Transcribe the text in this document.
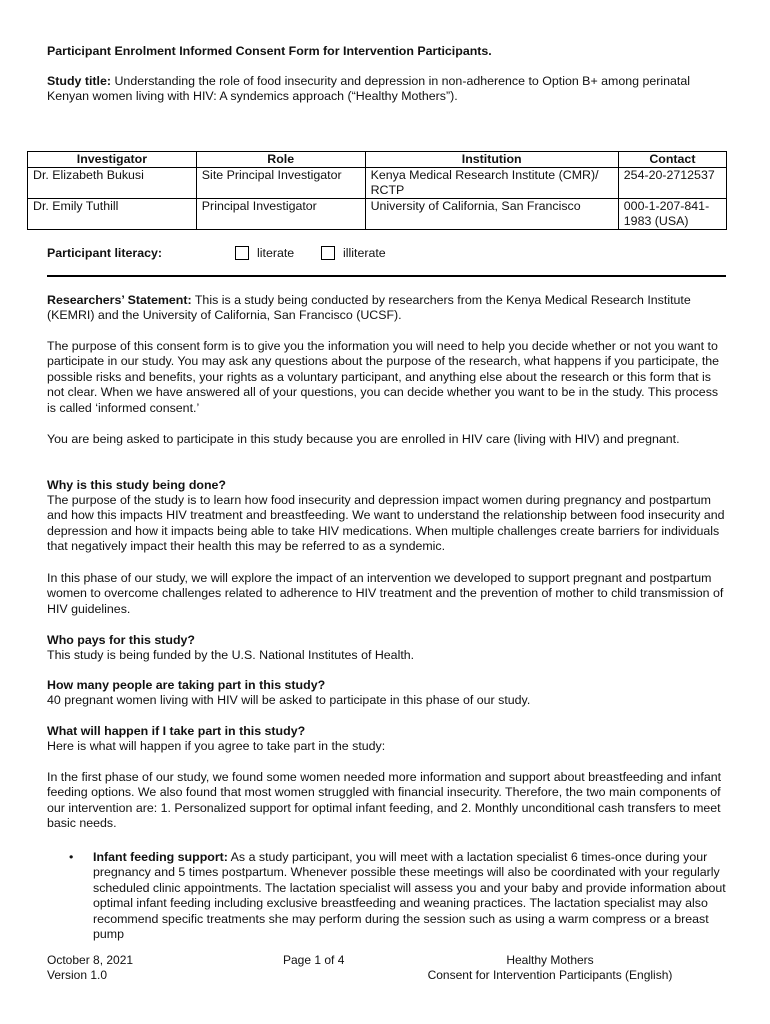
Participant Enrolment Informed Consent Form for Intervention Participants.

Study title: Understanding the role of food insecurity and depression in non-adherence to Option B+ among perinatal Kenyan women living with HIV: A syndemics approach (“Healthy Mothers”).

Investigator	Role	Institution	Contact
Dr. Elizabeth Bukusi	Site Principal Investigator	Kenya Medical Research Institute (CMR)/ RCTP	254-20-2712537
Dr. Emily Tuthill	Principal Investigator	University of California, San Francisco	000-1-207-841-1983 (USA)
Participant literacy:	literate	illiterate

Researchers’ Statement: This is a study being conducted by researchers from the Kenya Medical Research Institute (KEMRI) and the University of California, San Francisco (UCSF).

The purpose of this consent form is to give you the information you will need to help you decide whether or not you want to participate in our study. You may ask any questions about the purpose of the research, what happens if you participate, the possible risks and benefits, your rights as a voluntary participant, and anything else about the research or this form that is not clear. When we have answered all of your questions, you can decide whether you want to be in the study. This process is called ‘informed consent.’

You are being asked to participate in this study because you are enrolled in HIV care (living with HIV) and pregnant.

Why is this study being done?

The purpose of the study is to learn how food insecurity and depression impact women during pregnancy and postpartum and how this impacts HIV treatment and breastfeeding. We want to understand the relationship between food insecurity and depression and how it impacts being able to take HIV medications. When multiple challenges create barriers for individuals that negatively impact their health this may be referred to as a syndemic.

In this phase of our study, we will explore the impact of an intervention we developed to support pregnant and postpartum women to overcome challenges related to adherence to HIV treatment and the prevention of mother to child transmission of HIV guidelines.

Who pays for this study?

This study is being funded by the U.S. National Institutes of Health.

How many people are taking part in this study?

40 pregnant women living with HIV will be asked to participate in this phase of our study.

What will happen if I take part in this study?

Here is what will happen if you agree to take part in the study:

In the first phase of our study, we found some women needed more information and support about breastfeeding and infant feeding options. We also found that most women struggled with financial insecurity. Therefore, the two main components of our intervention are: 1. Personalized support for optimal infant feeding, and 2. Monthly unconditional cash transfers to meet basic needs.

• Infant feeding support: As a study participant, you will meet with a lactation specialist 6 times-once during your pregnancy and 5 times postpartum. Whenever possible these meetings will also be coordinated with your regularly scheduled clinic appointments. The lactation specialist will assess you and your baby and provide information about optimal infant feeding including exclusive breastfeeding and weaning practices. The lactation specialist may also recommend specific treatments she may perform during the session such as using a warm compress or a breast pump
October 8, 2021
Version 1.0
Page 1 of 4	Healthy Mothers
Consent for Intervention Participants (English)
